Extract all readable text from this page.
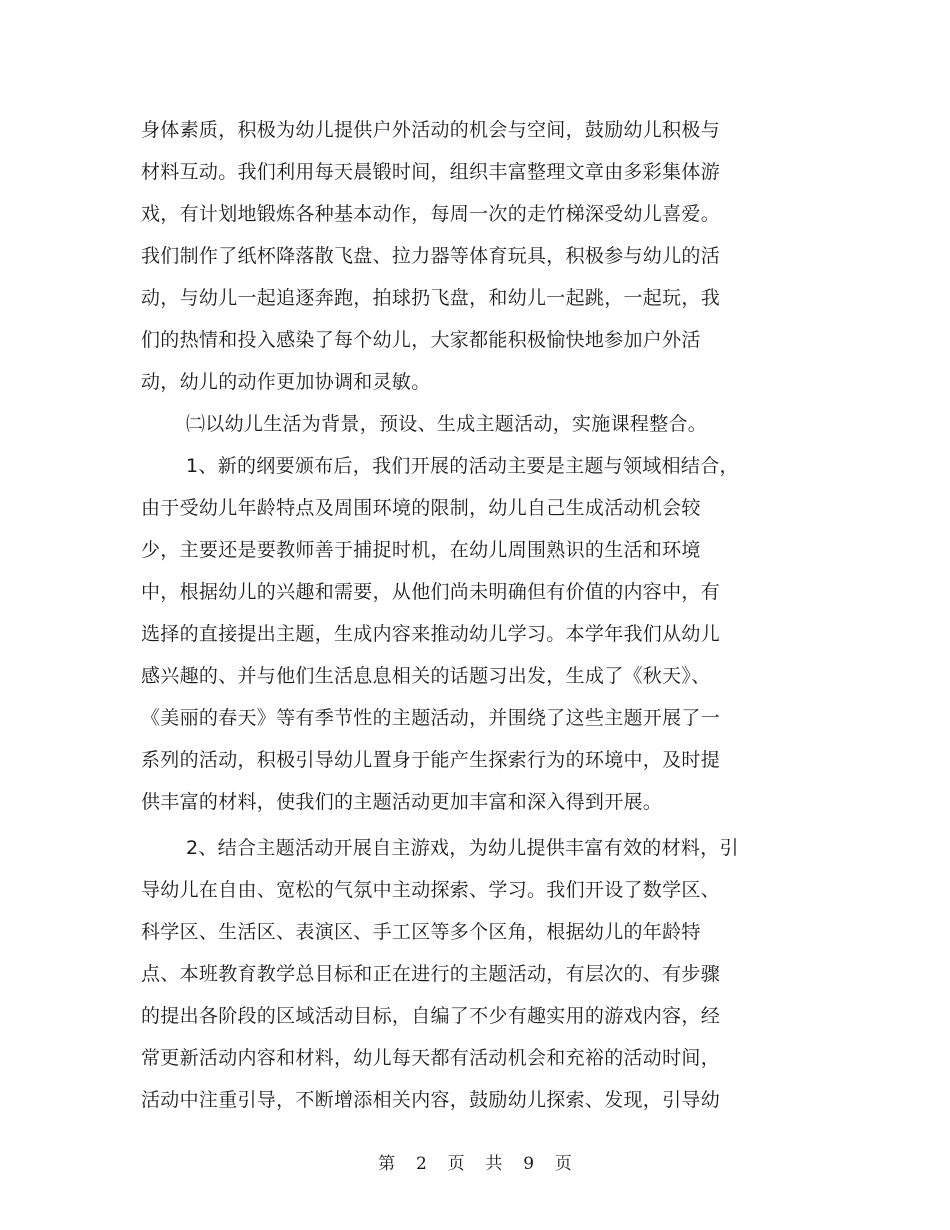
身体素质，积极为幼儿提供户外活动的机会与空间，鼓励幼儿积极与
材料互动。我们利用每天晨锻时间，组织丰富整理文章由多彩集体游
戏，有计划地锻炼各种基本动作，每周一次的走竹梯深受幼儿喜爱。
我们制作了纸杯降落散飞盘、拉力器等体育玩具，积极参与幼儿的活
动，与幼儿一起追逐奔跑，拍球扔飞盘，和幼儿一起跳，一起玩，我
们的热情和投入感染了每个幼儿，大家都能积极愉快地参加户外活
动，幼儿的动作更加协调和灵敏。
㈡以幼儿生活为背景，预设、生成主题活动，实施课程整合。
1、新的纲要颁布后，我们开展的活动主要是主题与领域相结合，
由于受幼儿年龄特点及周围环境的限制，幼儿自己生成活动机会较
少，主要还是要教师善于捕捉时机，在幼儿周围熟识的生活和环境
中，根据幼儿的兴趣和需要，从他们尚未明确但有价值的内容中，有
选择的直接提出主题，生成内容来推动幼儿学习。本学年我们从幼儿
感兴趣的、并与他们生活息息相关的话题习出发，生成了《秋天》、
《美丽的春天》等有季节性的主题活动，并围绕了这些主题开展了一
系列的活动，积极引导幼儿置身于能产生探索行为的环境中，及时提
供丰富的材料，使我们的主题活动更加丰富和深入得到开展。
2、结合主题活动开展自主游戏，为幼儿提供丰富有效的材料，引
导幼儿在自由、宽松的气氛中主动探索、学习。我们开设了数学区、
科学区、生活区、表演区、手工区等多个区角，根据幼儿的年龄特
点、本班教育教学总目标和正在进行的主题活动，有层次的、有步骤
的提出各阶段的区域活动目标，自编了不少有趣实用的游戏内容，经
常更新活动内容和材料，幼儿每天都有活动机会和充裕的活动时间，
活动中注重引导，不断增添相关内容，鼓励幼儿探索、发现，引导幼
第 2 页 共 9 页
